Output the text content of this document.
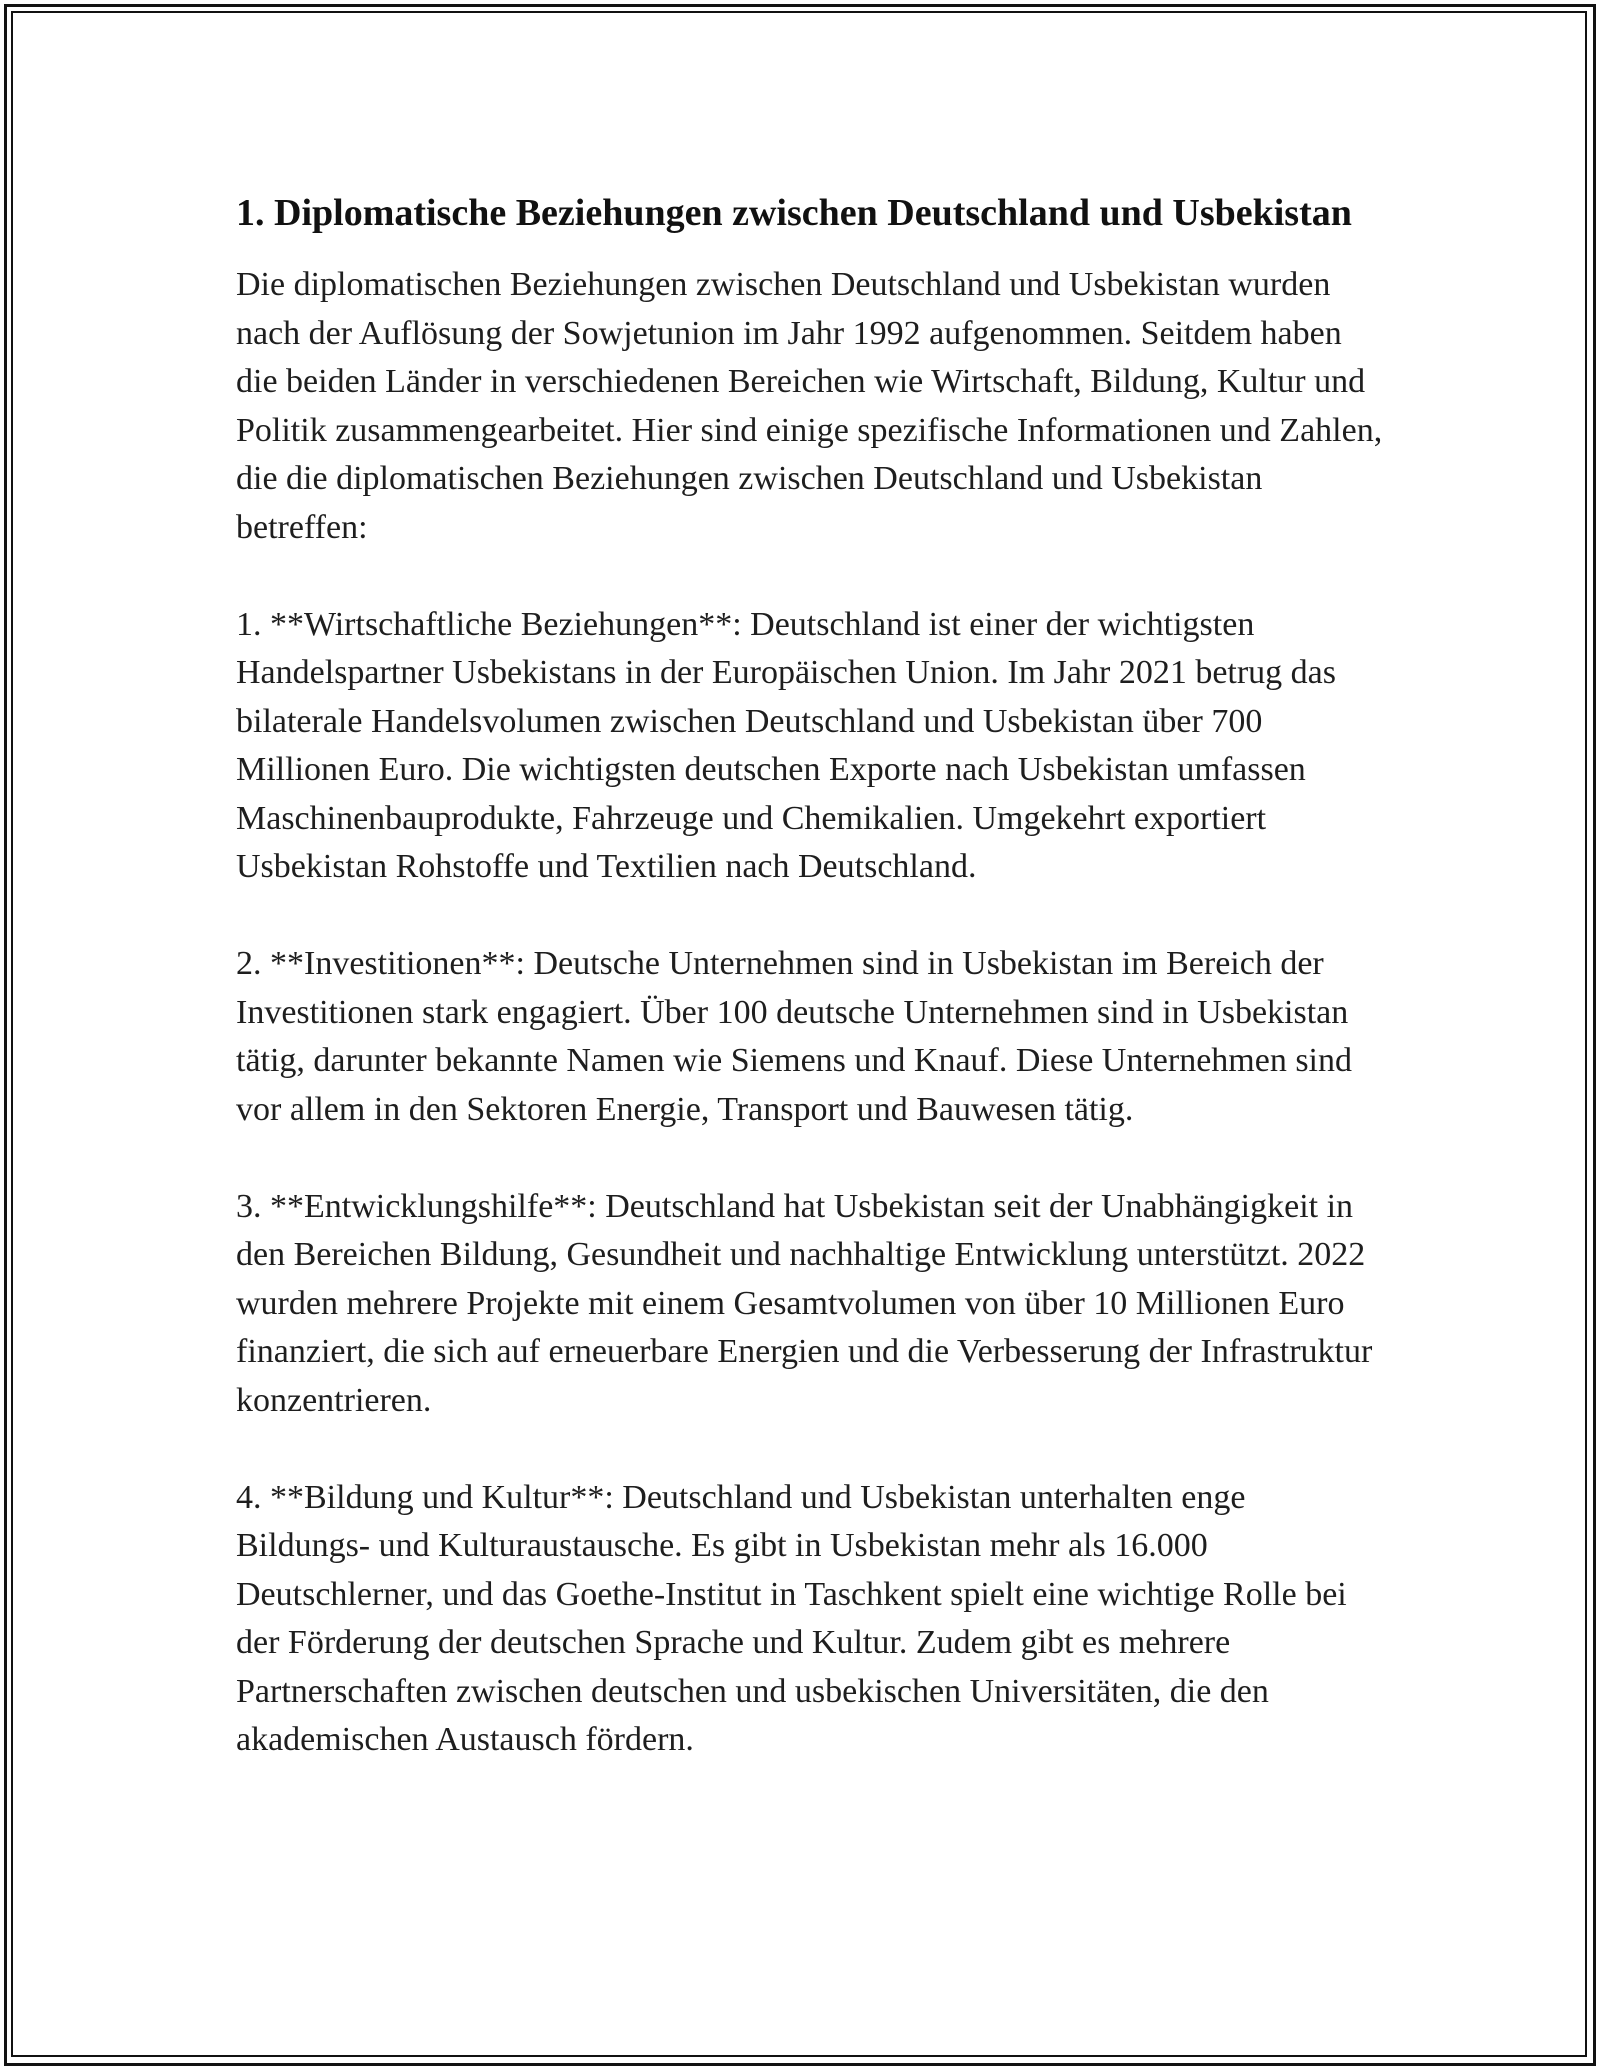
1. Diplomatische Beziehungen zwischen Deutschland und Usbekistan

Die diplomatischen Beziehungen zwischen Deutschland und Usbekistan wurden nach der Auflösung der Sowjetunion im Jahr 1992 aufgenommen. Seitdem haben die beiden Länder in verschiedenen Bereichen wie Wirtschaft, Bildung, Kultur und Politik zusammengearbeitet. Hier sind einige spezifische Informationen und Zahlen, die die diplomatischen Beziehungen zwischen Deutschland und Usbekistan betreffen:

1. **Wirtschaftliche Beziehungen**: Deutschland ist einer der wichtigsten Handelspartner Usbekistans in der Europäischen Union. Im Jahr 2021 betrug das bilaterale Handelsvolumen zwischen Deutschland und Usbekistan über 700 Millionen Euro. Die wichtigsten deutschen Exporte nach Usbekistan umfassen Maschinenbauprodukte, Fahrzeuge und Chemikalien. Umgekehrt exportiert Usbekistan Rohstoffe und Textilien nach Deutschland.

2. **Investitionen**: Deutsche Unternehmen sind in Usbekistan im Bereich der Investitionen stark engagiert. Über 100 deutsche Unternehmen sind in Usbekistan tätig, darunter bekannte Namen wie Siemens und Knauf. Diese Unternehmen sind vor allem in den Sektoren Energie, Transport und Bauwesen tätig.

3. **Entwicklungshilfe**: Deutschland hat Usbekistan seit der Unabhängigkeit in den Bereichen Bildung, Gesundheit und nachhaltige Entwicklung unterstützt. 2022 wurden mehrere Projekte mit einem Gesamtvolumen von über 10 Millionen Euro finanziert, die sich auf erneuerbare Energien und die Verbesserung der Infrastruktur konzentrieren.

4. **Bildung und Kultur**: Deutschland und Usbekistan unterhalten enge Bildungs- und Kulturaustausche. Es gibt in Usbekistan mehr als 16.000 Deutschlerner, und das Goethe-Institut in Taschkent spielt eine wichtige Rolle bei der Förderung der deutschen Sprache und Kultur. Zudem gibt es mehrere Partnerschaften zwischen deutschen und usbekischen Universitäten, die den akademischen Austausch fördern.
